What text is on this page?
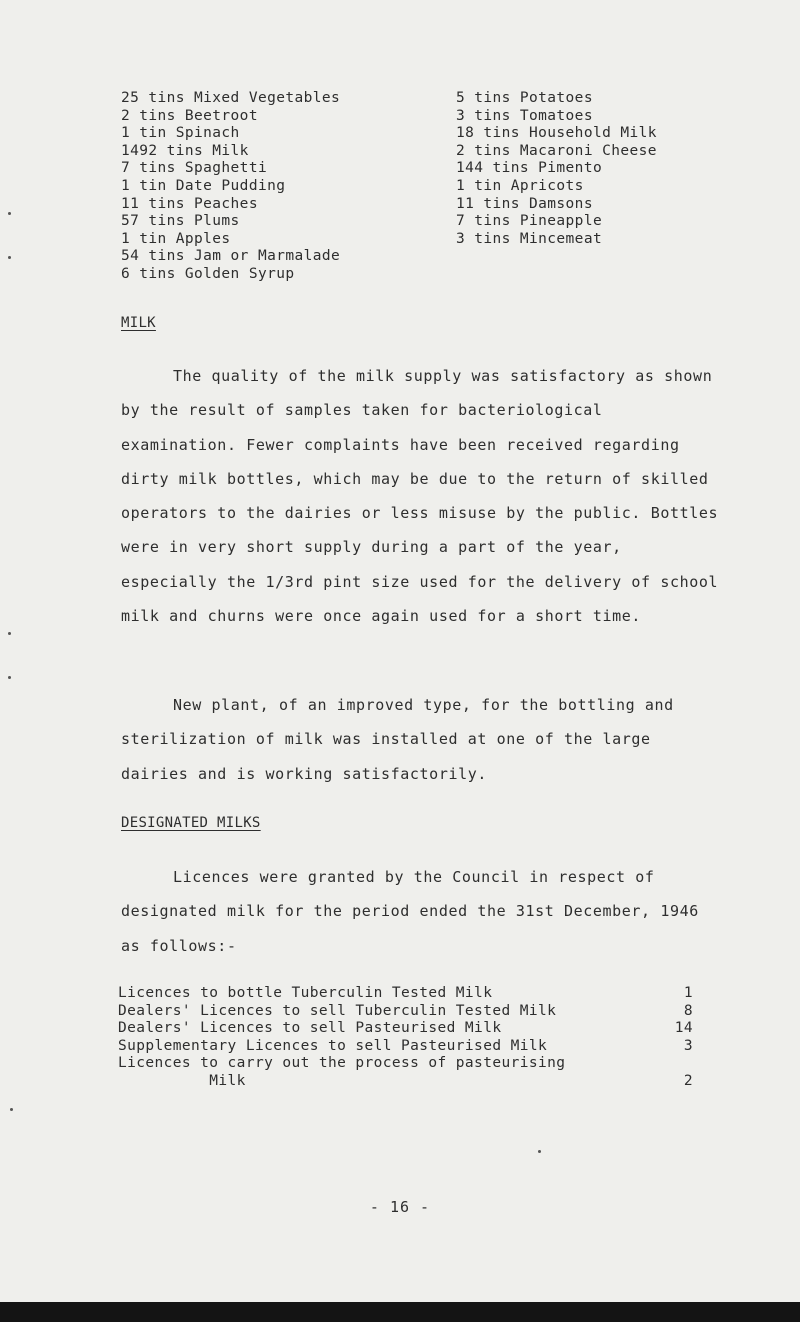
25 tins Mixed Vegetables
2 tins Beetroot
1 tin Spinach
1492 tins Milk
7 tins Spaghetti
1 tin Date Pudding
11 tins Peaches
57 tins Plums
1 tin Apples
54 tins Jam or Marmalade
6 tins Golden Syrup
5 tins Potatoes
3 tins Tomatoes
18 tins Household Milk
2 tins Macaroni Cheese
144 tins Pimento
1 tin Apricots
11 tins Damsons
7 tins Pineapple
3 tins Mincemeat
MILK

The quality of the milk supply was satisfactory as shown by the result of samples taken for bacteriological examination. Fewer complaints have been received regarding dirty milk bottles, which may be due to the return of skilled operators to the dairies or less misuse by the public. Bottles were in very short supply during a part of the year, especially the 1/3rd pint size used for the delivery of school milk and churns were once again used for a short time.

New plant, of an improved type, for the bottling and sterilization of milk was installed at one of the large dairies and is working satisfactorily.

DESIGNATED MILKS

Licences were granted by the Council in respect of designated milk for the period ended the 31st December, 1946 as follows:-

Licences to bottle Tuberculin Tested Milk	1
Dealers' Licences to sell Tuberculin Tested Milk	8
Dealers' Licences to sell Pasteurised Milk	14
Supplementary Licences to sell Pasteurised Milk	3
Licences to carry out the process of pasteurising
Milk	2
- 16 -
